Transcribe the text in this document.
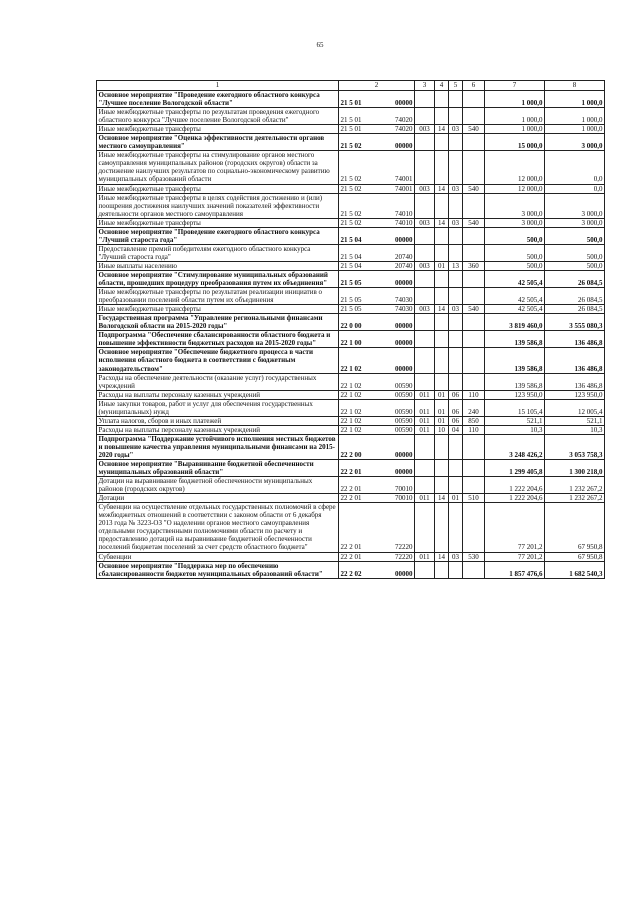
65
1	2	3	4	5	6	7	8
Основное мероприятие "Проведение ежегодного областного конкурса "Лучшее поселение Вологодской области"	21 5 01 00000					1 000,0	1 000,0
Иные межбюджетные трансферты по результатам проведения ежегодного областного конкурса "Лучшее поселение Вологодской области"	21 5 01 74020					1 000,0	1 000,0
Иные межбюджетные трансферты	21 5 01 74020	003	14	03	540	1 000,0	1 000,0
Основное мероприятие "Оценка эффективности деятельности органов местного самоуправления"	21 5 02 00000					15 000,0	3 000,0
Иные межбюджетные трансферты на стимулирование органов местного самоуправления муниципальных районов (городских округов) области за достижение наилучших результатов по социально-экономическому развитию муниципальных образований области	21 5 02 74001					12 000,0	0,0
Иные межбюджетные трансферты	21 5 02 74001	003	14	03	540	12 000,0	0,0
Иные межбюджетные трансферты в целях содействия достижению и (или) поощрения достижения наилучших значений показателей эффективности деятельности органов местного самоуправления	21 5 02 74010					3 000,0	3 000,0
Иные межбюджетные трансферты	21 5 02 74010	003	14	03	540	3 000,0	3 000,0
Основное мероприятие "Проведение ежегодного областного конкурса "Лучший староста года"	21 5 04 00000					500,0	500,0
Предоставление премий победителям ежегодного областного конкурса "Лучший староста года"	21 5 04 20740					500,0	500,0
Иные выплаты населению	21 5 04 20740	003	01	13	360	500,0	500,0
Основное мероприятие "Стимулирование муниципальных образований области, прошедших процедуру преобразования путем их объединения"	21 5 05 00000					42 505,4	26 084,5
Иные межбюджетные трансферты по результатам реализации инициатив о преобразовании поселений области путем их объединения	21 5 05 74030					42 505,4	26 084,5
Иные межбюджетные трансферты	21 5 05 74030	003	14	03	540	42 505,4	26 084,5
Государственная программа "Управление региональными финансами Вологодской области на 2015-2020 годы"	22 0 00 00000					3 819 460,0	3 555 080,3
Подпрограмма "Обеспечение сбалансированности областного бюджета и повышение эффективности бюджетных расходов на 2015-2020 годы"	22 1 00 00000					139 586,8	136 486,8
Основное мероприятие "Обеспечение бюджетного процесса в части исполнения областного бюджета в соответствии с бюджетным законодательством"	22 1 02 00000					139 586,8	136 486,8
Расходы на обеспечение деятельности (оказание услуг) государственных учреждений	22 1 02 00590					139 586,8	136 486,8
Расходы на выплаты персоналу казенных учреждений	22 1 02 00590	011	01	06	110	123 950,0	123 950,0
Иные закупки товаров, работ и услуг для обеспечения государственных (муниципальных) нужд	22 1 02 00590	011	01	06	240	15 105,4	12 005,4
Уплата налогов, сборов и иных платежей	22 1 02 00590	011	01	06	850	521,1	521,1
Расходы на выплаты персоналу казенных учреждений	22 1 02 00590	011	10	04	110	10,3	10,3
Подпрограмма "Поддержание устойчивого исполнения местных бюджетов и повышение качества управления муниципальными финансами на 2015-2020 годы"	22 2 00 00000					3 248 426,2	3 053 758,3
Основное мероприятие "Выравнивание бюджетной обеспеченности муниципальных образований области"	22 2 01 00000					1 299 405,8	1 300 218,0
Дотации на выравнивание бюджетной обеспеченности муниципальных районов (городских округов)	22 2 01 70010					1 222 204,6	1 232 267,2
Дотации	22 2 01 70010	011	14	01	510	1 222 204,6	1 232 267,2
Субвенции на осуществление отдельных государственных полномочий в сфере межбюджетных отношений в соответствии с законом области от 6 декабря 2013 года № 3223-ОЗ "О наделении органов местного самоуправления отдельными государственными полномочиями области по расчету и предоставлению дотаций на выравнивание бюджетной обеспеченности поселений бюджетам поселений за счет средств областного бюджета"	22 2 01 72220					77 201,2	67 950,8
Субвенции	22 2 01 72220	011	14	03	530	77 201,2	67 950,8
Основное мероприятие "Поддержка мер по обеспечению сбалансированности бюджетов муниципальных образований области"	22 2 02 00000					1 857 476,6	1 682 540,3
